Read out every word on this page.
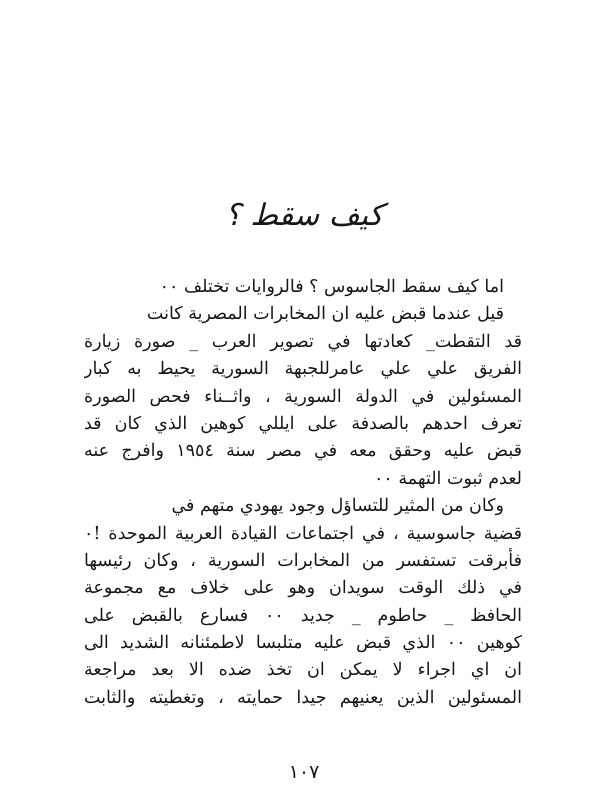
كيف سقط ؟
اما كيف سقط الجاسوس ؟ فالروايات تختلف ٠٠
قيل عندما قبض عليه ان المخابرات المصرية كانت
قد التقطت_ كعادتها في تصوير العرب _ صورة زيارة
الفريق علي علي عامرللجبهة السورية يحيط به كبار
المسئولين في الدولة السورية ، واثــناء فحص الصورة
تعرف احدهم بالصدفة على ايللي كوهين الذي كان قد
قبض عليه وحقق معه في مصر سنة ١٩٥٤ وافرج عنه
لعدم ثبوت التهمة ٠٠
وكان من المثير للتساؤل وجود يهودي متهم في
قضية جاسوسية ، في اجتماعات القيادة العربية الموحدة !٠
فأبرقت تستفسر من المخابرات السورية ، وكان رئيسها
في ذلك الوقت سويدان وهو على خلاف مع مجموعة
الحافظ _ حاطوم _ جديد ٠٠ فسارع بالقبض على
كوهين ٠٠ الذي قبض عليه متلبسا لاطمئنانه الشديد الى
ان اي اجراء لا يمكن ان تخذ ضده الا بعد مراجعة
المسئولين الذين يعنيهم جيدا حمايته ، وتغطيته والثابت
١٠٧
